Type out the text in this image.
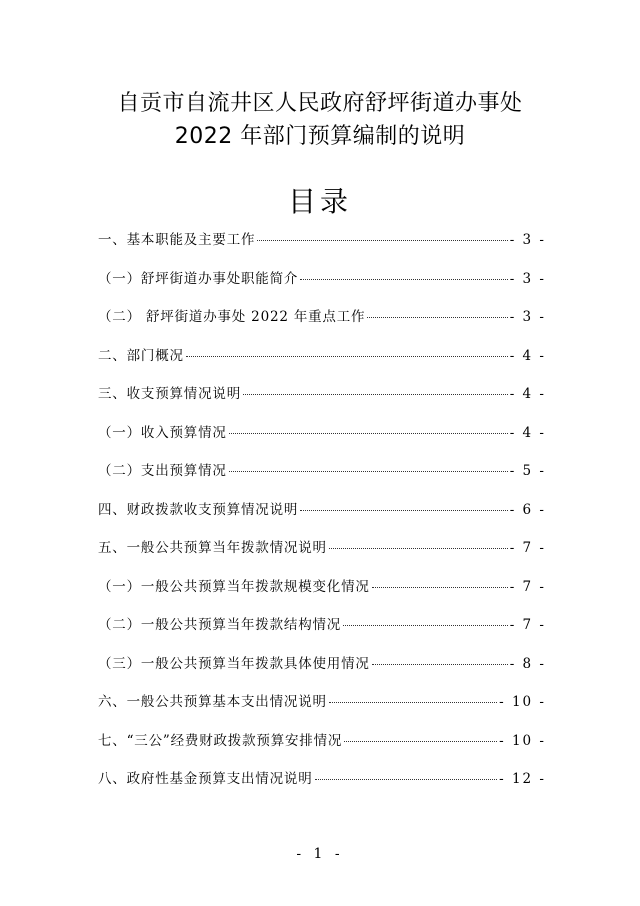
自贡市自流井区人民政府舒坪街道办事处
2022 年部门预算编制的说明
目录
一、基本职能及主要工作	- 3 -
（一）舒坪街道办事处职能简介	- 3 -
（二） 舒坪街道办事处 2022 年重点工作	- 3 -
二、部门概况	- 4 -
三、收支预算情况说明	- 4 -
（一）收入预算情况	- 4 -
（二）支出预算情况	- 5 -
四、财政拨款收支预算情况说明	- 6 -
五、一般公共预算当年拨款情况说明	- 7 -
（一）一般公共预算当年拨款规模变化情况	- 7 -
（二）一般公共预算当年拨款结构情况	- 7 -
（三）一般公共预算当年拨款具体使用情况	- 8 -
六、一般公共预算基本支出情况说明	- 10 -
七、“三公”经费财政拨款预算安排情况	- 10 -
八、政府性基金预算支出情况说明	- 12 -
- 1 -
